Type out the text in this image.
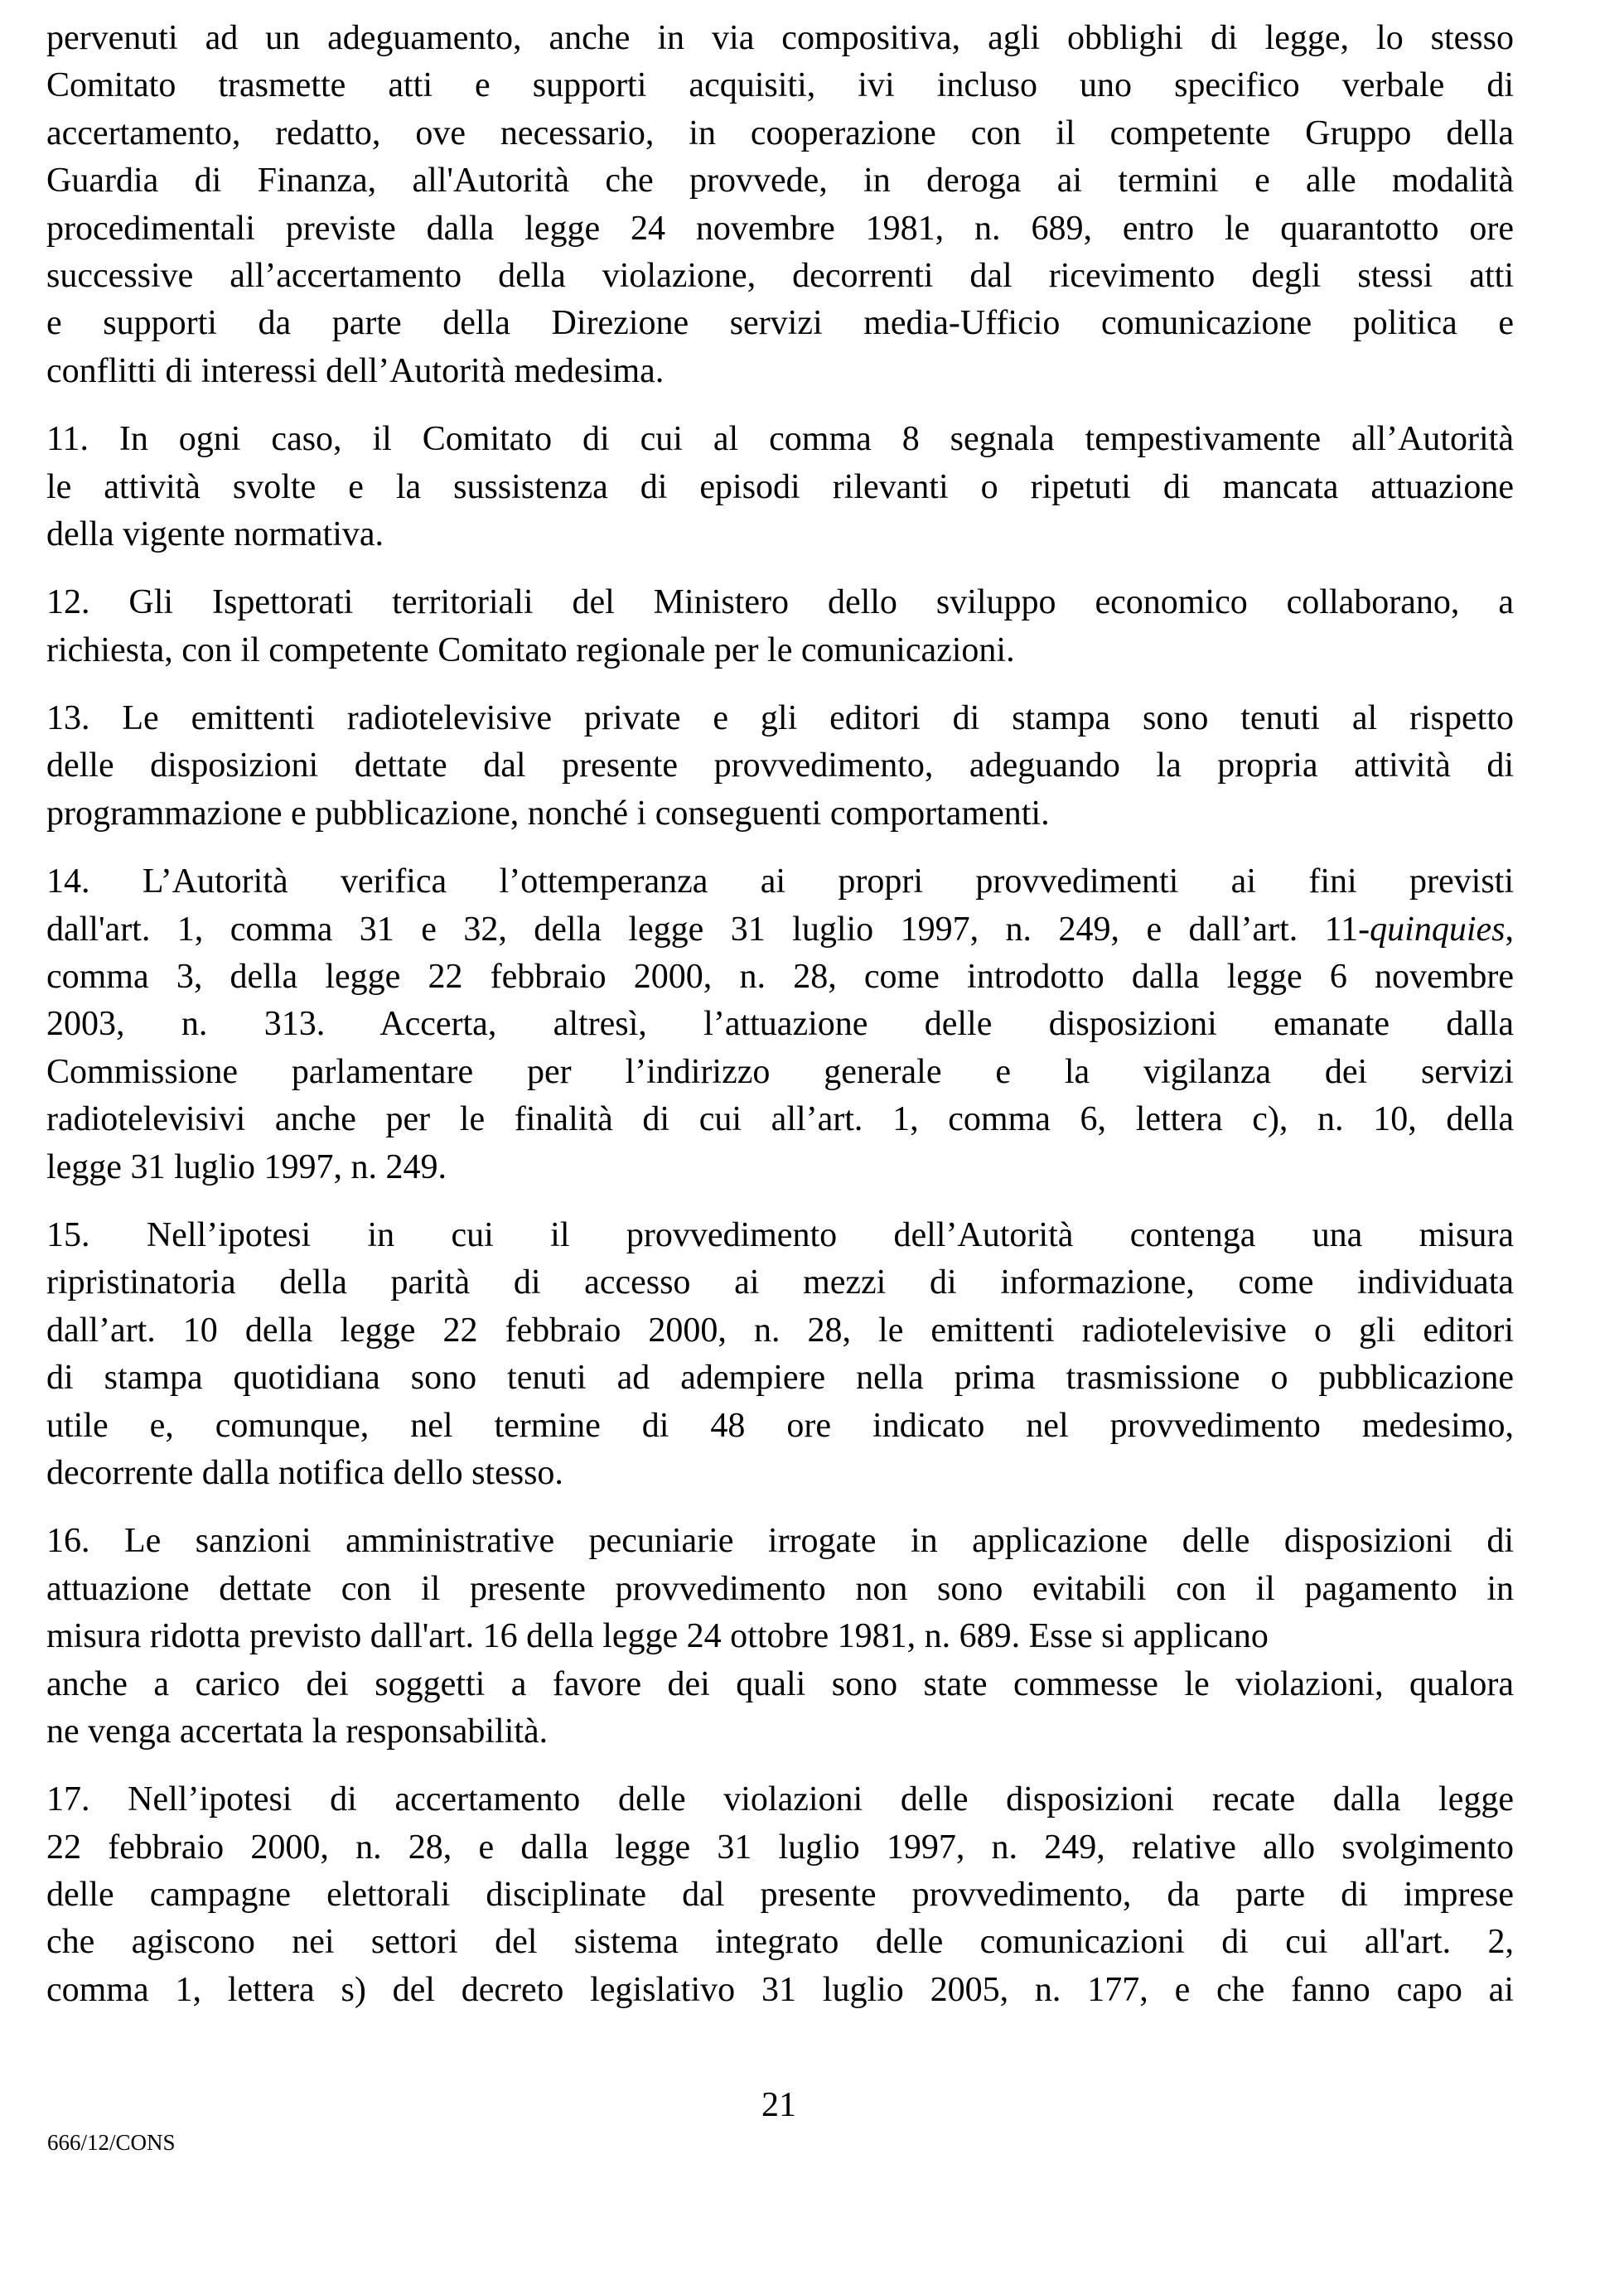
pervenuti ad un adeguamento, anche in via compositiva, agli obblighi di legge, lo stesso
Comitato trasmette atti e supporti acquisiti, ivi incluso uno specifico verbale di
accertamento, redatto, ove necessario, in cooperazione con il competente Gruppo della
Guardia di Finanza, all'Autorità che provvede, in deroga ai termini e alle modalità
procedimentali previste dalla legge 24 novembre 1981, n. 689, entro le quarantotto ore
successive all’accertamento della violazione, decorrenti dal ricevimento degli stessi atti
e supporti da parte della Direzione servizi media-Ufficio comunicazione politica e
conflitti di interessi dell’Autorità medesima.
11. In ogni caso, il Comitato di cui al comma 8 segnala tempestivamente all’Autorità
le attività svolte e la sussistenza di episodi rilevanti o ripetuti di mancata attuazione
della vigente normativa.
12. Gli Ispettorati territoriali del Ministero dello sviluppo economico collaborano, a
richiesta, con il competente Comitato regionale per le comunicazioni.
13. Le emittenti radiotelevisive private e gli editori di stampa sono tenuti al rispetto
delle disposizioni dettate dal presente provvedimento, adeguando la propria attività di
programmazione e pubblicazione, nonché i conseguenti comportamenti.
14. L’Autorità verifica l’ottemperanza ai propri provvedimenti ai fini previsti
dall'art. 1, comma 31 e 32, della legge 31 luglio 1997, n. 249, e dall’art. 11-quinquies,
comma 3, della legge 22 febbraio 2000, n. 28, come introdotto dalla legge 6 novembre
2003, n. 313. Accerta, altresì, l’attuazione delle disposizioni emanate dalla
Commissione parlamentare per l’indirizzo generale e la vigilanza dei servizi
radiotelevisivi anche per le finalità di cui all’art. 1, comma 6, lettera c), n. 10, della
legge 31 luglio 1997, n. 249.
15. Nell’ipotesi in cui il provvedimento dell’Autorità contenga una misura
ripristinatoria della parità di accesso ai mezzi di informazione, come individuata
dall’art. 10 della legge 22 febbraio 2000, n. 28, le emittenti radiotelevisive o gli editori
di stampa quotidiana sono tenuti ad adempiere nella prima trasmissione o pubblicazione
utile e, comunque, nel termine di 48 ore indicato nel provvedimento medesimo,
decorrente dalla notifica dello stesso.
16. Le sanzioni amministrative pecuniarie irrogate in applicazione delle disposizioni di
attuazione dettate con il presente provvedimento non sono evitabili con il pagamento in
misura ridotta previsto dall'art. 16 della legge 24 ottobre 1981, n. 689. Esse si applicano
anche a carico dei soggetti a favore dei quali sono state commesse le violazioni, qualora
ne venga accertata la responsabilità.
17. Nell’ipotesi di accertamento delle violazioni delle disposizioni recate dalla legge
22 febbraio 2000, n. 28, e dalla legge 31 luglio 1997, n. 249, relative allo svolgimento
delle campagne elettorali disciplinate dal presente provvedimento, da parte di imprese
che agiscono nei settori del sistema integrato delle comunicazioni di cui all'art. 2,
comma 1, lettera s) del decreto legislativo 31 luglio 2005, n. 177, e che fanno capo ai
21
666/12/CONS
